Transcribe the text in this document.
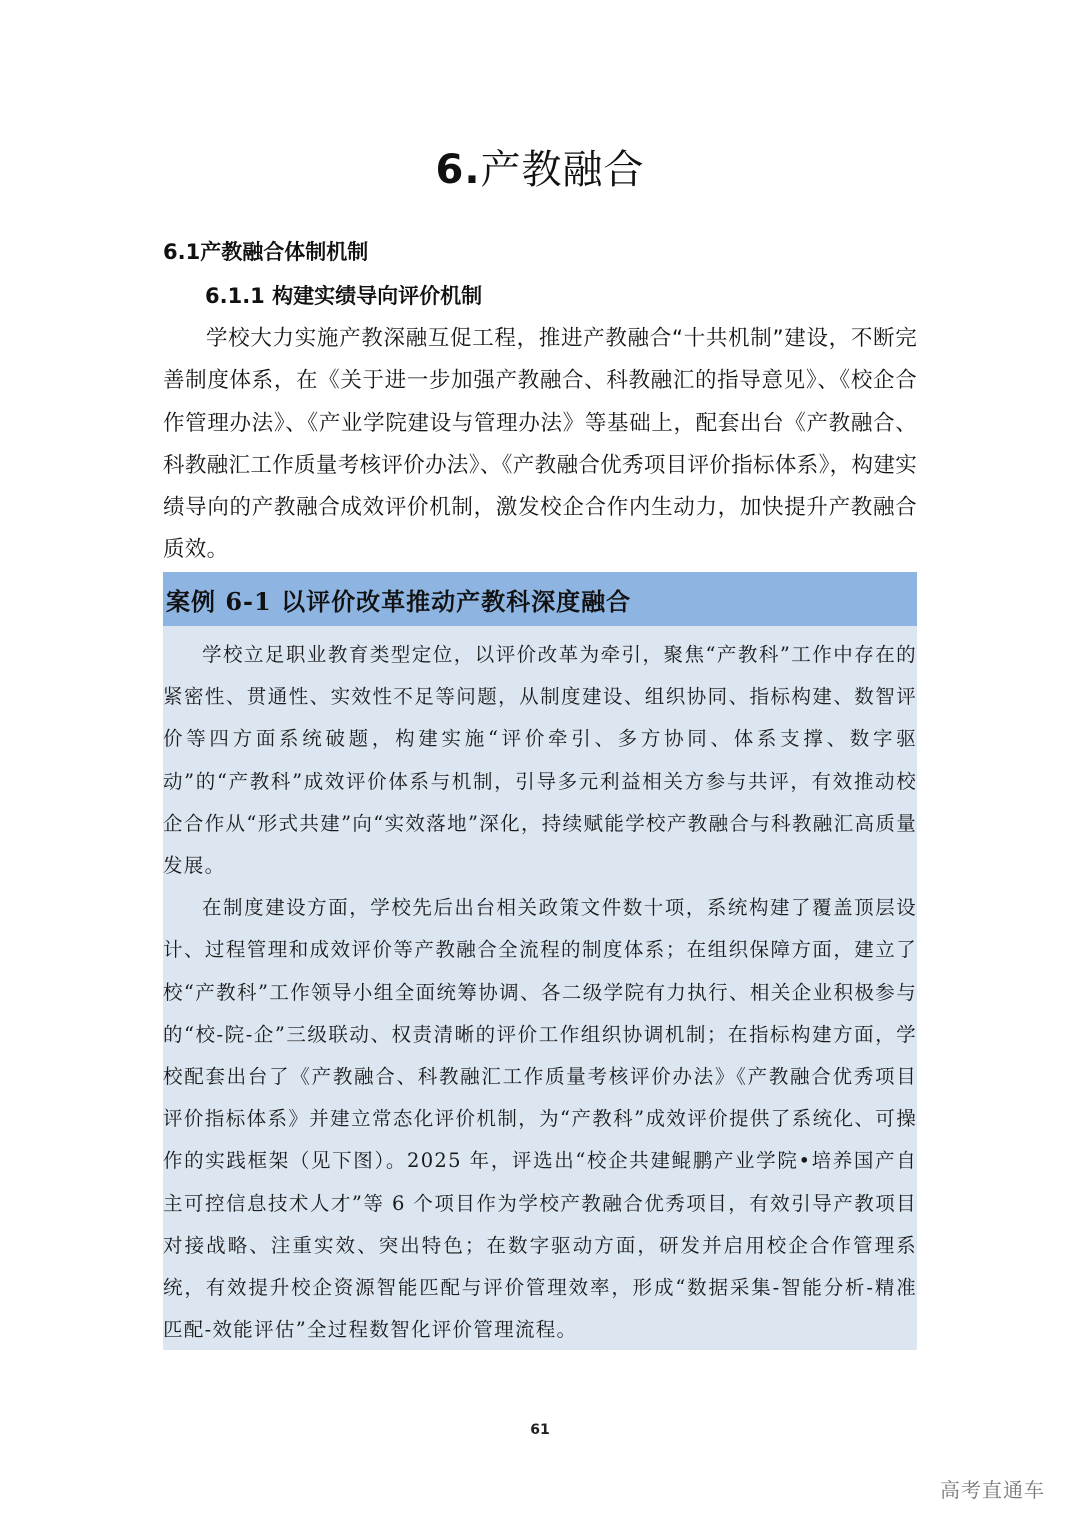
6.产教融合
6.1产教融合体制机制
6.1.1 构建实绩导向评价机制

学校大力实施产教深融互促工程，推进产教融合“十共机制”建设，不断完善制度体系，在《关于进一步加强产教融合、科教融汇的指导意见》、《校企合作管理办法》、《产业学院建设与管理办法》等基础上，配套出台《产教融合、科教融汇工作质量考核评价办法》、《产教融合优秀项目评价指标体系》，构建实绩导向的产教融合成效评价机制，激发校企合作内生动力，加快提升产教融合质效。

案例 6-1 以评价改革推动产教科深度融合

学校立足职业教育类型定位，以评价改革为牵引，聚焦“产教科”工作中存在的紧密性、贯通性、实效性不足等问题，从制度建设、组织协同、指标构建、数智评价等四方面系统破题，构建实施“评价牵引、多方协同、体系支撑、数字驱动”的“产教科”成效评价体系与机制，引导多元利益相关方参与共评，有效推动校企合作从“形式共建”向“实效落地”深化，持续赋能学校产教融合与科教融汇高质量发展。

在制度建设方面，学校先后出台相关政策文件数十项，系统构建了覆盖顶层设计、过程管理和成效评价等产教融合全流程的制度体系；在组织保障方面，建立了校“产教科”工作领导小组全面统筹协调、各二级学院有力执行、相关企业积极参与的“校-院-企”三级联动、权责清晰的评价工作组织协调机制；在指标构建方面，学校配套出台了《产教融合、科教融汇工作质量考核评价办法》《产教融合优秀项目评价指标体系》并建立常态化评价机制，为“产教科”成效评价提供了系统化、可操作的实践框架（见下图）。2025 年，评选出“校企共建鲲鹏产业学院•培养国产自主可控信息技术人才”等 6 个项目作为学校产教融合优秀项目，有效引导产教项目对接战略、注重实效、突出特色；在数字驱动方面，研发并启用校企合作管理系统，有效提升校企资源智能匹配与评价管理效率，形成“数据采集-智能分析-精准匹配-效能评估”全过程数智化评价管理流程。

61
高考直通车
